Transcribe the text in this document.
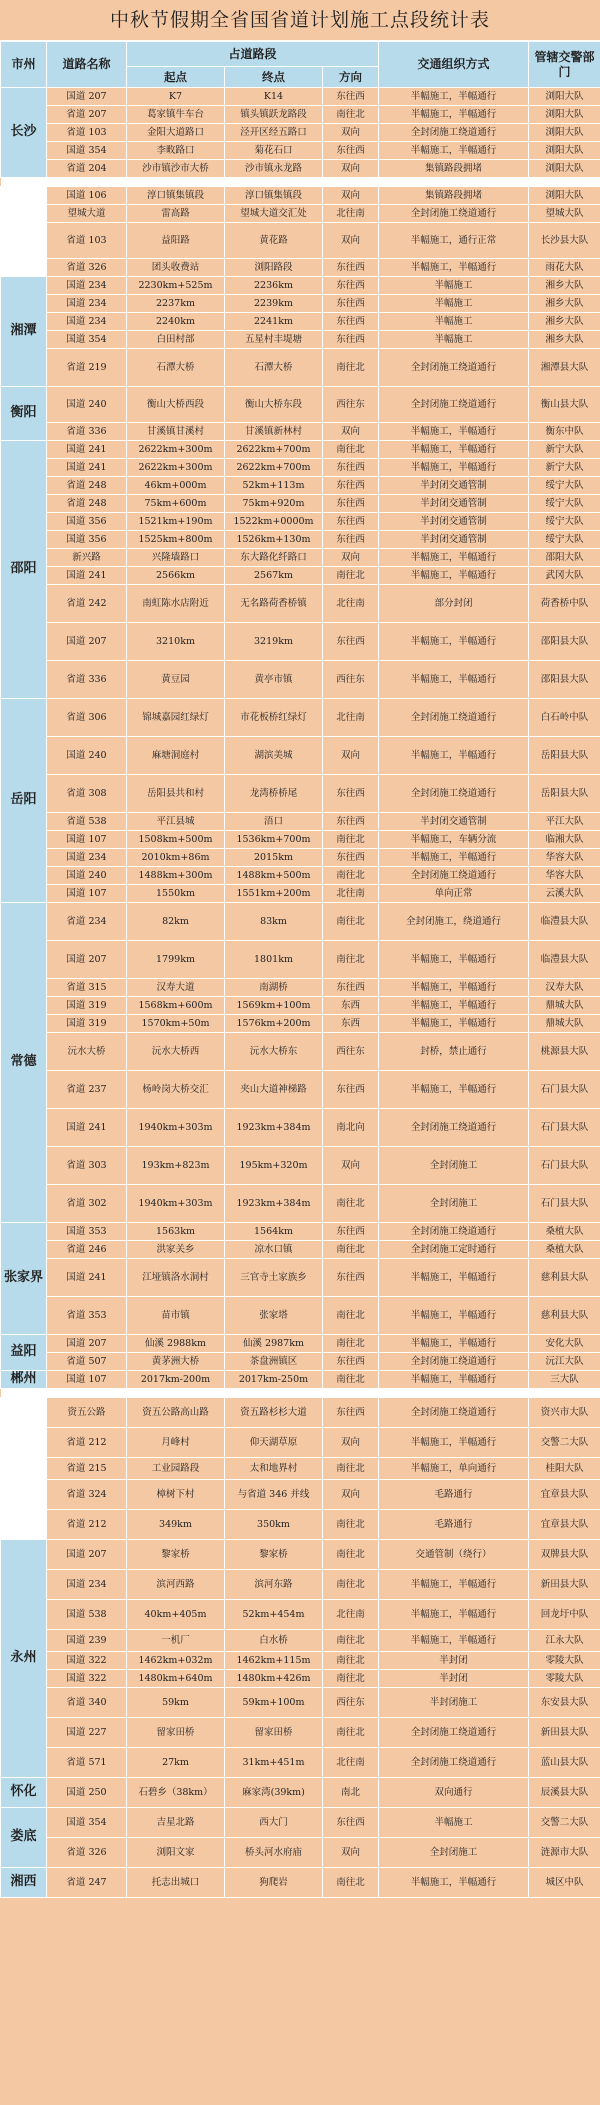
中秋节假期全省国省道计划施工点段统计表
市州	道路名称	占道路段			交通组织方式	管辖交警部门
		起点	终点	方向		
长沙	国道 207	K7	K14	东往西	半幅施工，半幅通行	浏阳大队
	省道 207	葛家镇牛车台	镇头镇跃龙路段	南往北	半幅施工，半幅通行	浏阳大队
	省道 103	金阳大道路口	泾开区经五路口	双向	全封闭施工绕道通行	浏阳大队
	国道 354	李畋路口	菊花石口	东往西	半幅施工，半幅通行	浏阳大队
	省道 204	沙市镇沙市大桥	沙市镇永龙路	双向	集镇路段拥堵	浏阳大队

	国道 106	淳口镇集镇段	淳口镇集镇段	双向	集镇路段拥堵	浏阳大队
	望城大道	雷高路	望城大道交汇处	北往南	全封闭施工绕道通行	望城大队
	省道 103	益阳路	黄花路	双向	半幅施工，通行正常	长沙县大队
	省道 326	团头收费站	浏阳路段	东往西	半幅施工，半幅通行	雨花大队
湘潭	国道 234	2230km+525m	2236km	东往西	半幅施工	湘乡大队
	国道 234	2237km	2239km	东往西	半幅施工	湘乡大队
	国道 234	2240km	2241km	东往西	半幅施工	湘乡大队
	国道 354	白田村部	五星村丰堤塘	东往西	半幅施工	湘乡大队
	省道 219	石潭大桥	石潭大桥	南往北	全封闭施工绕道通行	湘潭县大队
衡阳	国道 240	衡山大桥西段	衡山大桥东段	西往东	全封闭施工绕道通行	衡山县大队
	省道 336	甘溪镇甘溪村	甘溪镇新林村	双向	半幅施工，半幅通行	衡东中队
邵阳	国道 241	2622km+300m	2622km+700m	南往北	半幅施工，半幅通行	新宁大队
	国道 241	2622km+300m	2622km+700m	东往西	半幅施工，半幅通行	新宁大队
	省道 248	46km+000m	52km+113m	东往西	半封闭交通管制	绥宁大队
	省道 248	75km+600m	75km+920m	东往西	半封闭交通管制	绥宁大队
	国道 356	1521km+190m	1522km+0000m	东往西	半封闭交通管制	绥宁大队
	国道 356	1525km+800m	1526km+130m	东往西	半封闭交通管制	绥宁大队
	新兴路	兴隆墙路口	东大路化纤路口	双向	半幅施工，半幅通行	邵阳大队
	国道 241	2566km	2567km	南往北	半幅施工，半幅通行	武冈大队
	省道 242	南虹陈水店附近	无名路荷香桥镇	北往南	部分封闭	荷香桥中队
	国道 207	3210km	3219km	东往西	半幅施工，半幅通行	邵阳县大队
	省道 336	黄豆园	黄亭市镇	西往东	半幅施工，半幅通行	邵阳县大队
岳阳	省道 306	锦城嘉园红绿灯	市花板桥红绿灯	北往南	全封闭施工绕道通行	白石岭中队
	国道 240	麻塘洞庭村	湖滨美城	双向	半幅施工，半幅通行	岳阳县大队
	省道 308	岳阳县共和村	龙湾桥桥尾	东往西	全封闭施工绕道通行	岳阳县大队
	省道 538	平江县城	浯口	东往西	半封闭交通管制	平江大队
	国道 107	1508km+500m	1536km+700m	南往北	半幅施工，车辆分流	临湘大队
	国道 234	2010km+86m	2015km	东往西	半幅施工，半幅通行	华容大队
	国道 240	1488km+300m	1488km+500m	南往北	全封闭施工绕道通行	华容大队
	国道 107	1550km	1551km+200m	北往南	单向正常	云溪大队
常德	省道 234	82km	83km	南往北	全封闭施工，绕道通行	临澧县大队
	国道 207	1799km	1801km	南往北	半幅施工，半幅通行	临澧县大队
	省道 315	汉寿大道	南湖桥	东往西	半幅施工，半幅通行	汉寿大队
	国道 319	1568km+600m	1569km+100m	东西	半幅施工，半幅通行	鼎城大队
	国道 319	1570km+50m	1576km+200m	东西	半幅施工，半幅通行	鼎城大队
	沅水大桥	沅水大桥西	沅水大桥东	西往东	封桥，禁止通行	桃源县大队
	省道 237	杨岭岗大桥交汇	夹山大道神梯路	东往西	半幅施工，半幅通行	石门县大队
	国道 241	1940km+303m	1923km+384m	南北向	全封闭施工绕道通行	石门县大队
	省道 303	193km+823m	195km+320m	双向	全封闭施工	石门县大队
	省道 302	1940km+303m	1923km+384m	南往北	全封闭施工	石门县大队
张家界	国道 353	1563km	1564km	东往西	全封闭施工绕道通行	桑植大队
	省道 246	洪家关乡	凉水口镇	南往北	全封闭施工定时通行	桑植大队
	国道 241	江垭镇洛水洞村	三官寺土家族乡	东往西	半幅施工，半幅通行	慈利县大队
	省道 353	苗市镇	张家塔	南往北	半幅施工，半幅通行	慈利县大队
益阳	国道 207	仙溪 2988km	仙溪 2987km	南往北	半幅施工，半幅通行	安化大队
	省道 507	黄茅洲大桥	茶盘洲镇区	东往西	全封闭施工绕道通行	沅江大队
郴州	国道 107	2017km-200m	2017km-250m	南往北	半幅施工，半幅通行	三大队

	资五公路	资五公路高山路	资五路杉杉大道	东往西	全封闭施工绕道通行	资兴市大队
	省道 212	月峰村	仰天湖草原	双向	半幅施工，半幅通行	交警二大队
	省道 215	工业园路段	太和地界村	南往北	半幅施工，单向通行	桂阳大队
	省道 324	樟树下村	与省道 346 并线	双向	毛路通行	宜章县大队
	省道 212	349km	350km	南往北	毛路通行	宜章县大队
永州	国道 207	黎家桥	黎家桥	南往北	交通管制（绕行）	双牌县大队
	国道 234	滨河西路	滨河东路	南往北	半幅施工，半幅通行	新田县大队
	国道 538	40km+405m	52km+454m	北往南	半幅施工，半幅通行	回龙圩中队
	国道 239	一机厂	白水桥	南往北	半幅施工，半幅通行	江永大队
	国道 322	1462km+032m	1462km+115m	南往北	半封闭	零陵大队
	国道 322	1480km+640m	1480km+426m	南往北	半封闭	零陵大队
	省道 340	59km	59km+100m	西往东	半封闭施工	东安县大队
	国道 227	留家田桥	留家田桥	南往北	全封闭施工绕道通行	新田县大队
	省道 571	27km	31km+451m	北往南	全封闭施工绕道通行	蓝山县大队
怀化	国道 250	石碧乡（38km）	麻家湾(39km)	南北	双向通行	辰溪县大队
娄底	国道 354	吉星北路	西大门	东往西	半幅施工	交警二大队
	省道 326	浏阳文家	桥头河水府庙	双向	全封闭施工	涟源市大队
湘西	省道 247	托志出城口	狗爬岩	南往北	半幅施工，半幅通行	城区中队
